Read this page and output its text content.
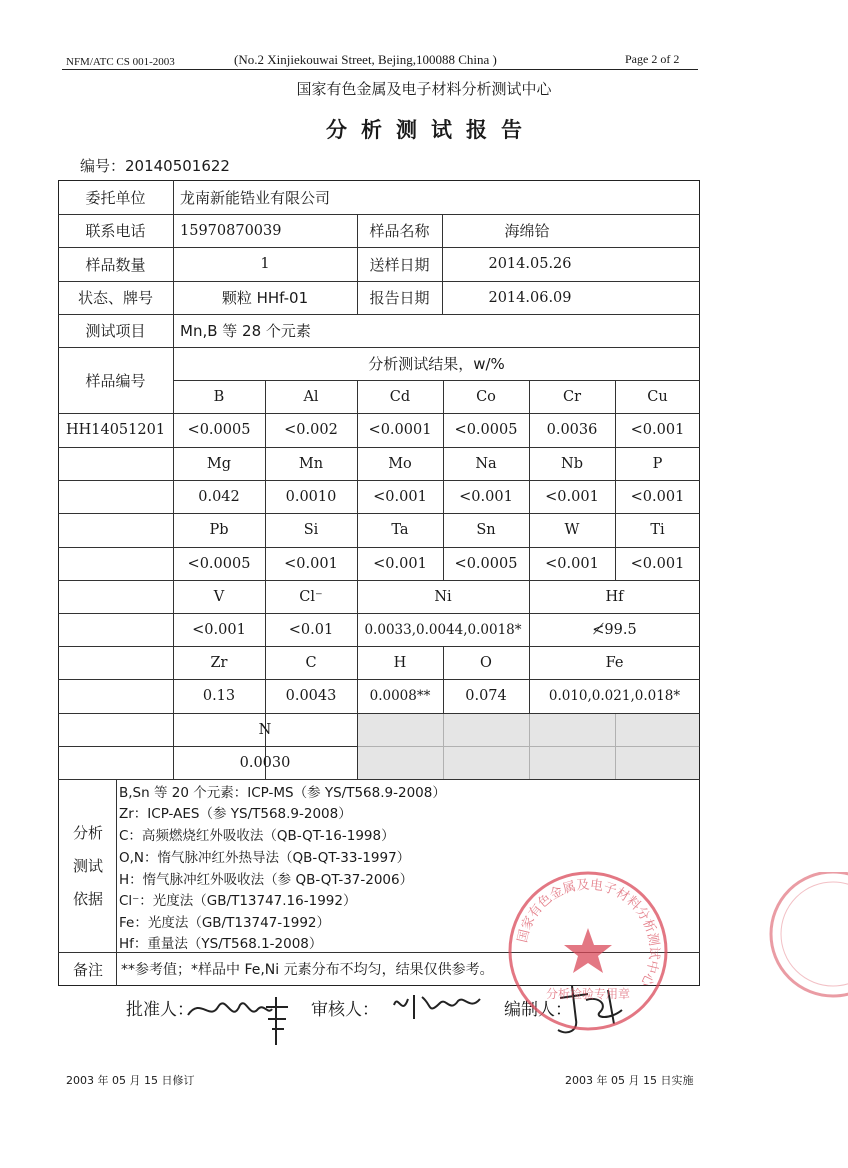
NFM/ATC CS 001-2003	(No.2 Xinjiekouwai Street, Bejing,100088 China )	Page 2 of 2
国家有色金属及电子材料分析测试中心
分析测试报告
编号：20140501622
委托单位	龙南新能锆业有限公司
联系电话	15970870039	样品名称	海绵铪
样品数量	1	送样日期	2014.05.26
状态、牌号	颗粒 HHf-01	报告日期	2014.06.09
测试项目	Mn,B 等 28 个元素
样品编号
分析测试结果，w/%
HH14051201
B	Al	Cd	Co	Cr	Cu
<0.0005	<0.002	<0.0001	<0.0005	0.0036	<0.001
Mg	Mn	Mo	Na	Nb	P
0.042	0.0010	<0.001	<0.001	<0.001	<0.001
Pb	Si	Ta	Sn	W	Ti
<0.0005	<0.001	<0.001	<0.0005	<0.001	<0.001
V	Cl⁻	Ni	Hf
<0.001	<0.01	0.0033,0.0044,0.0018*	≮99.5
Zr	C	H	O	Fe
0.13	0.0043	0.0008**	0.074	0.010,0.021,0.018*
N
0.0030
分析
测试
依据
B,Sn 等 20 个元素：ICP-MS（参 YS/T568.9-2008）
Zr：ICP-AES（参 YS/T568.9-2008）
C：高频燃烧红外吸收法（QB-QT-16-1998）
O,N：惰气脉冲红外热导法（QB-QT-33-1997）
H：惰气脉冲红外吸收法（参 QB-QT-37-2006）
Cl⁻：光度法（GB/T13747.16-1992）
Fe：光度法（GB/T13747-1992）
Hf：重量法（YS/T568.1-2008）
备注	**参考值；*样品中 Fe,Ni 元素分布不均匀，结果仅供参考。
批准人：	审核人：	编制人：
国家有色金属及电子材料分析测试中心
分析检验专用章
2003 年 05 月 15 日修订	2003 年 05 月 15 日实施
